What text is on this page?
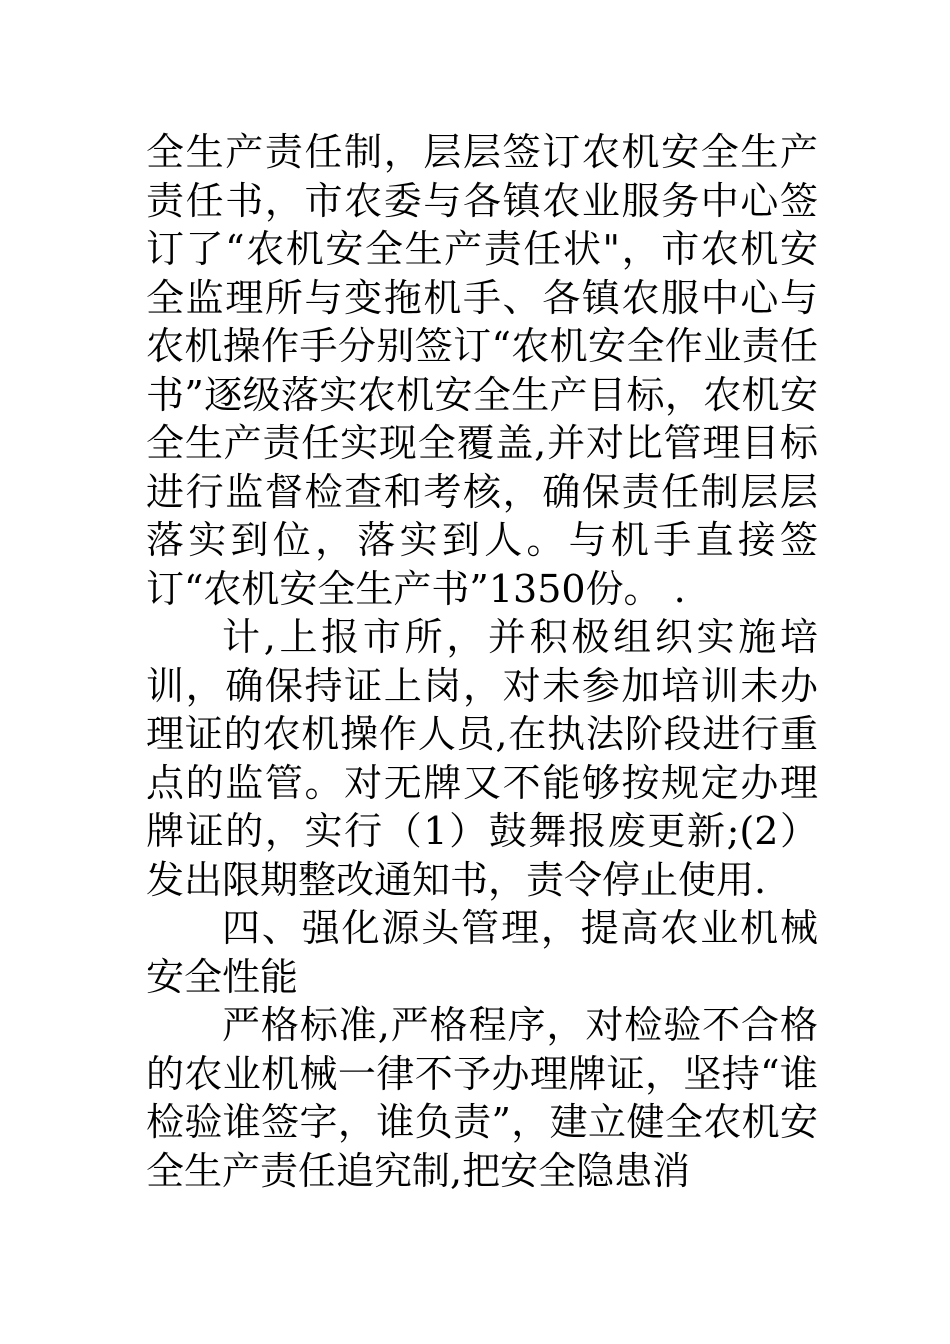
全生产责任制，层层签订农机安全生产责任书，市农委与各镇农业服务中心签订了“农机安全生产责任状"，市农机安全监理所与变拖机手、各镇农服中心与农机操作手分别签订“农机安全作业责任书”逐级落实农机安全生产目标，农机安全生产责任实现全覆盖,并对比管理目标进行监督检查和考核，确保责任制层层落实到位，落实到人。与机手直接签订“农机安全生产书”1350份。 .

计,上报市所，并积极组织实施培训，确保持证上岗，对未参加培训未办理证的农机操作人员,在执法阶段进行重点的监管。对无牌又不能够按规定办理牌证的，实行（1）鼓舞报废更新;(2）发出限期整改通知书，责令停止使用.

四、强化源头管理，提高农业机械安全性能

严格标准,严格程序，对检验不合格的农业机械一律不予办理牌证，坚持“谁检验谁签字，谁负责”，建立健全农机安全生产责任追究制,把安全隐患消
